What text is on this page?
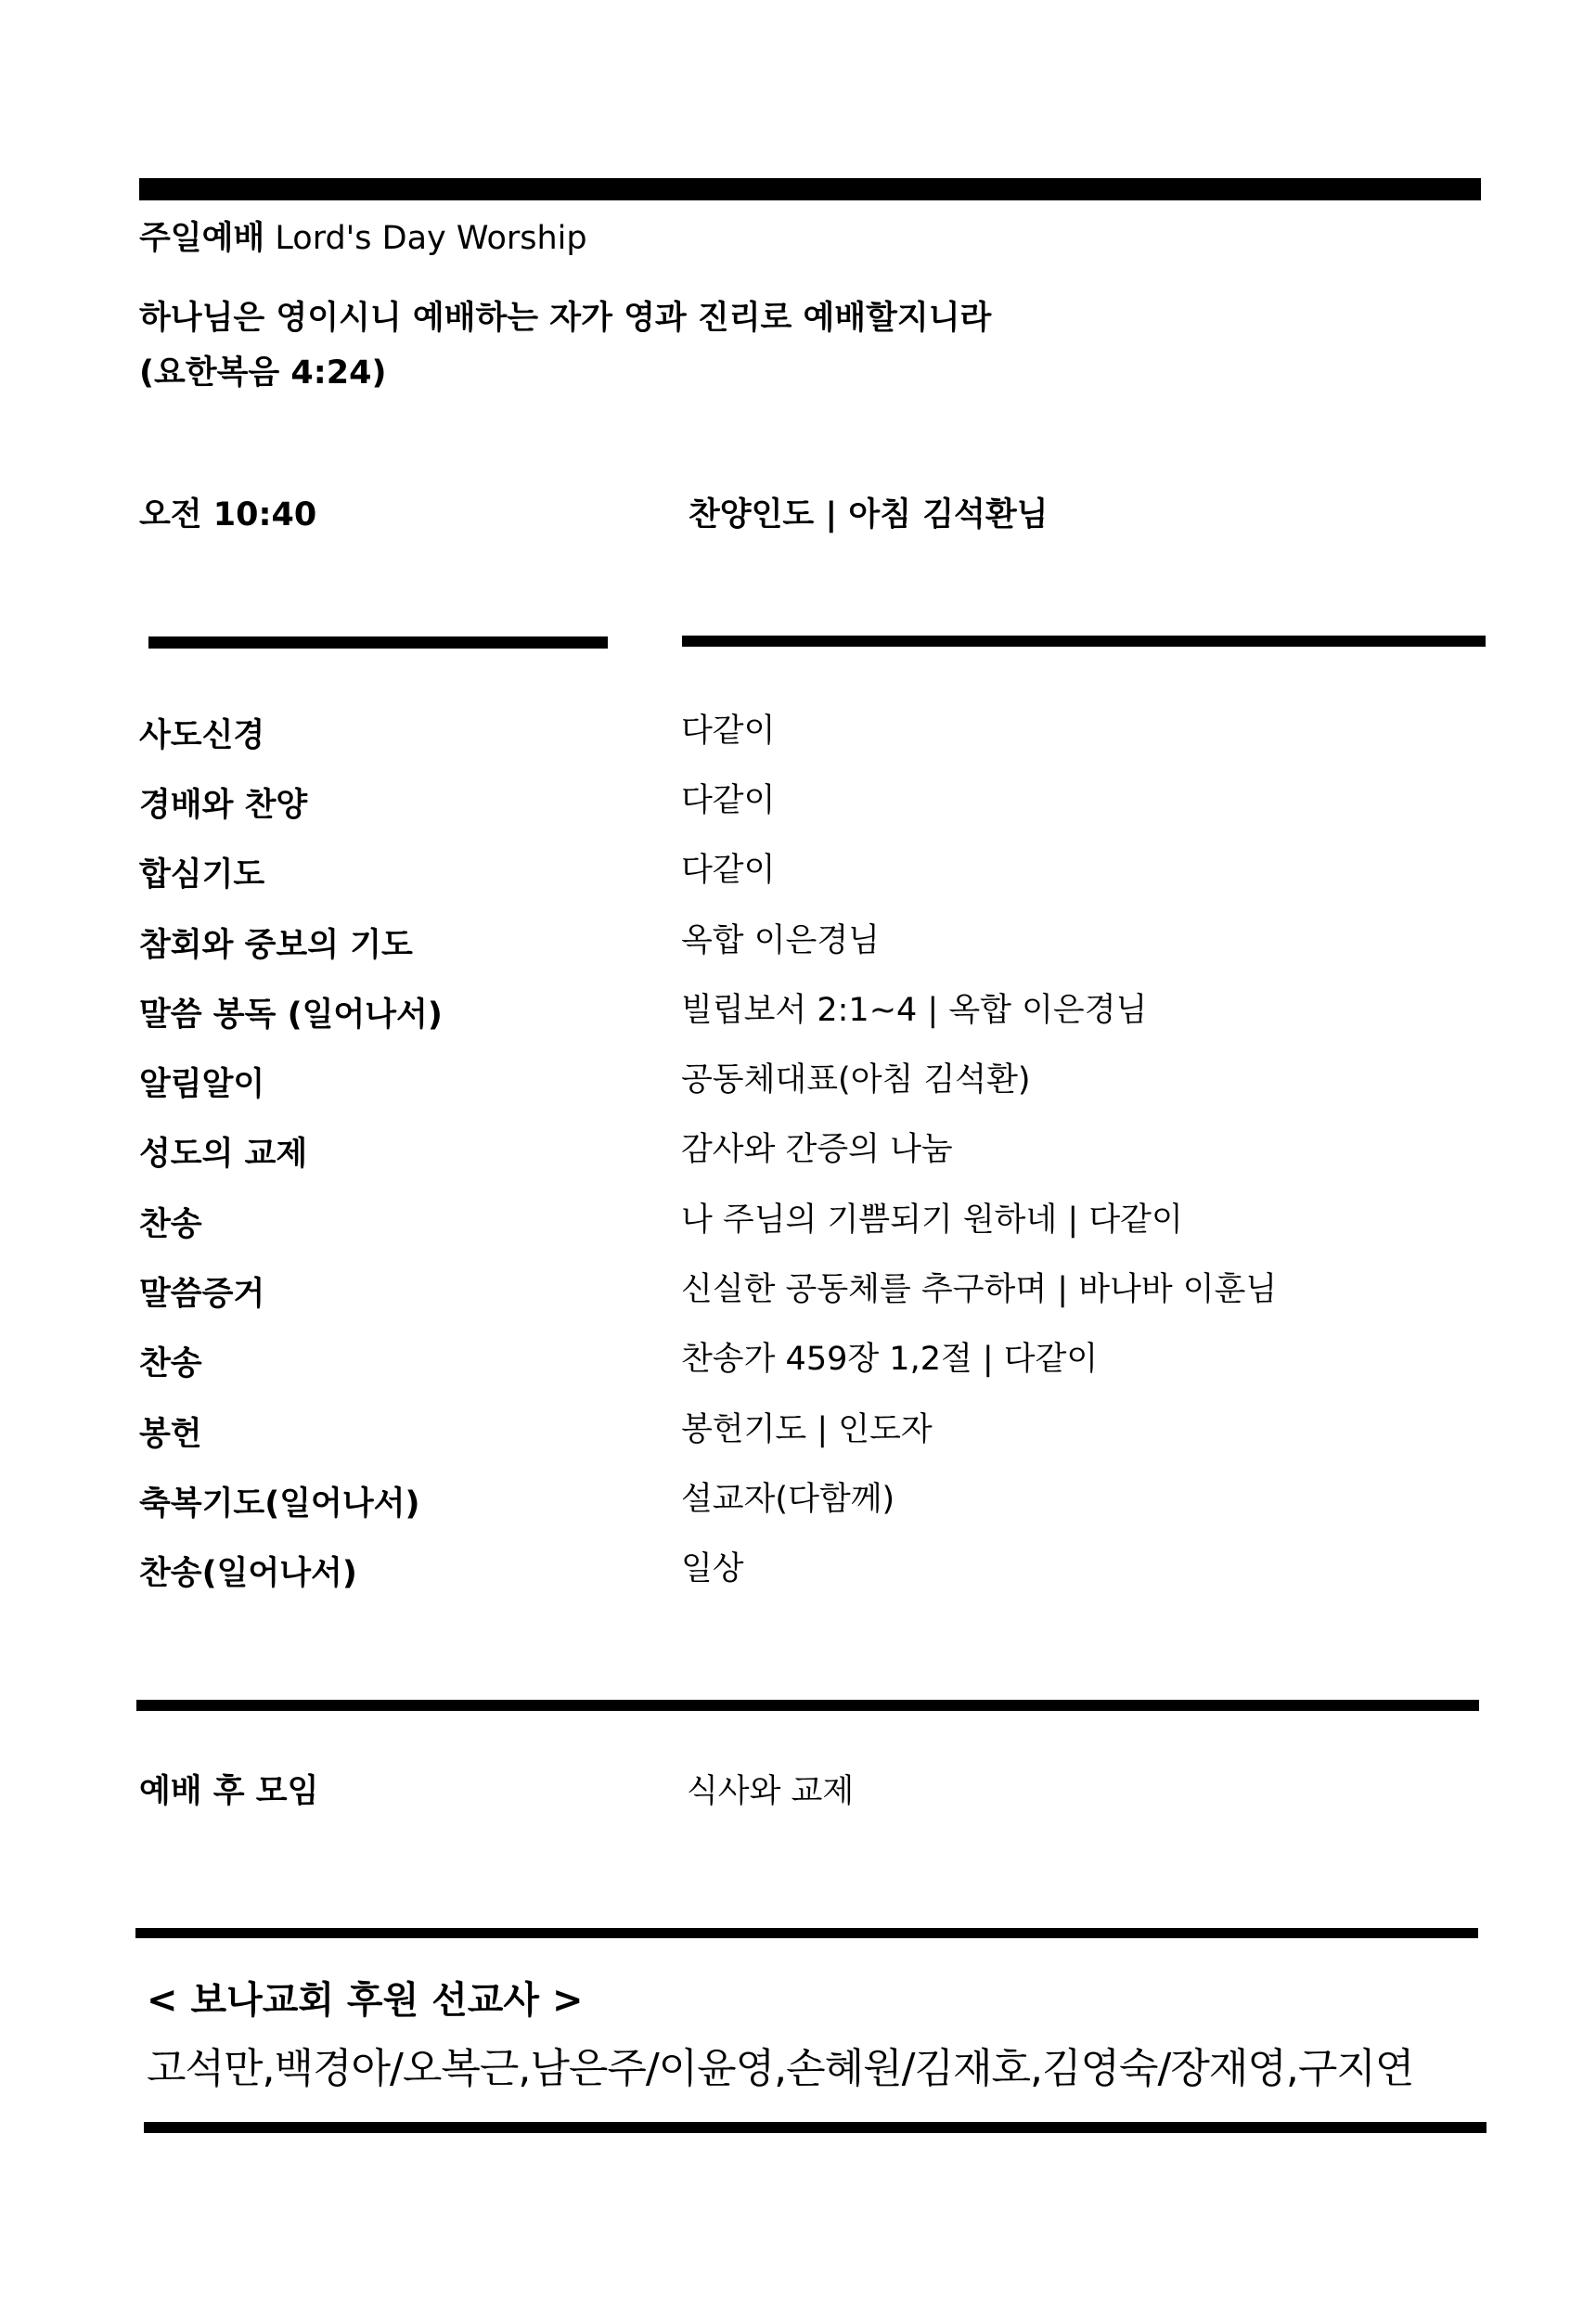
주일예배 Lord's Day Worship
하나님은 영이시니 예배하는 자가 영과 진리로 예배할지니라
(요한복음 4:24)
오전 10:40	찬양인도 | 아침 김석환님
사도신경	다같이
경배와 찬양	다같이
합심기도	다같이
참회와 중보의 기도	옥합 이은경님
말씀 봉독 (일어나서)	빌립보서 2:1~4 | 옥합 이은경님
알림알이	공동체대표(아침 김석환)
성도의 교제	감사와 간증의 나눔
찬송	나 주님의 기쁨되기 원하네 | 다같이
말씀증거	신실한 공동체를 추구하며 | 바나바 이훈님
찬송	찬송가 459장 1,2절 | 다같이
봉헌	봉헌기도 | 인도자
축복기도(일어나서)	설교자(다함께)
찬송(일어나서)	일상
예배 후 모임	식사와 교제
< 보나교회 후원 선교사 >
고석만,백경아/오복근,남은주/이윤영,손혜원/김재호,김영숙/장재영,구지연
